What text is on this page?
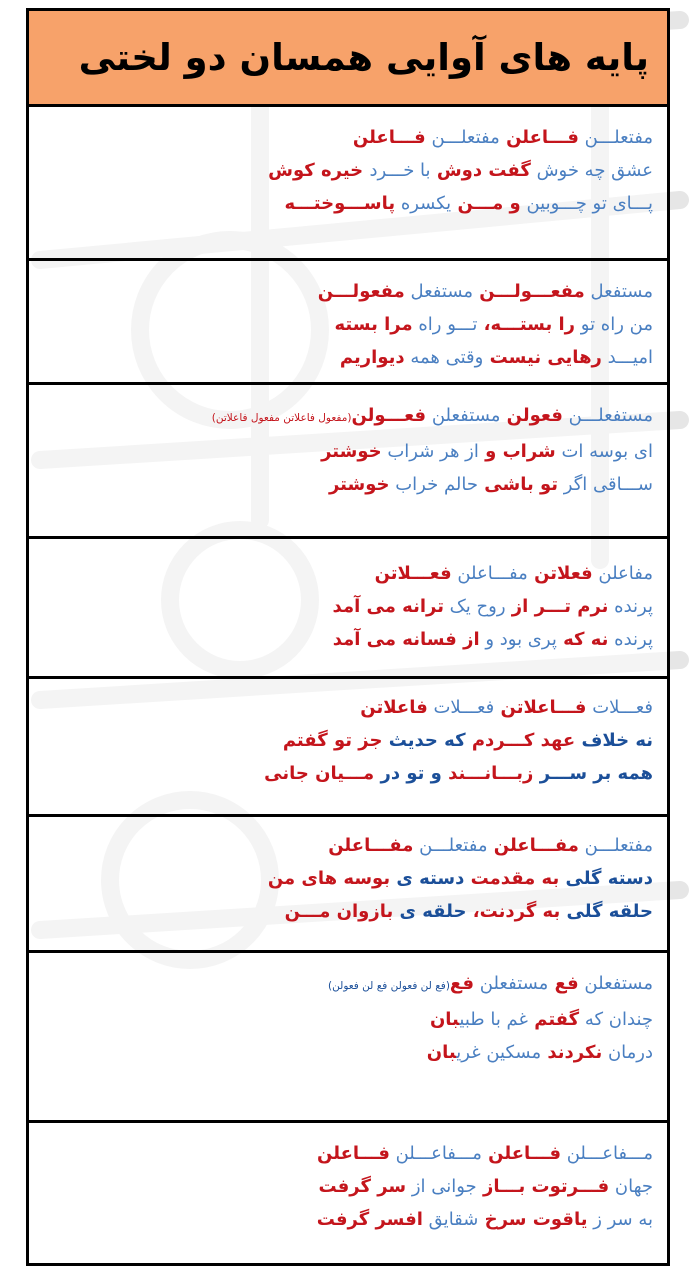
پایه های آوایی همسان دو لختی
مفتعلـــن فـــاعلن مفتعلـــن فـــاعلن
عشق چه خوش گفت دوش با خـــرد خیره کوش
پـــای تو چـــوبین و مـــن یکسره پاســـوختـــه
مستفعل مفعـــولـــن مستفعل مفعولـــن
من راه تو را بستـــه، تـــو راه مرا بسته
امیـــد رهایی نیست وقتی همه دیواریم
مستفعلـــن فعولن مستفعلن فعـــولن(مفعول فاعلاتن مفعول فاعلاتن)
ای بوسه ات شراب و از هر شراب خوشتر
ســـاقی اگر تو باشی حالم خراب خوشتر
مفاعلن فعلاتن مفـــاعلن فعـــلاتن
پرنده نرم تـــر از روح یک ترانه می آمد
پرنده نه که پری بود و از فسانه می آمد
فعـــلات فـــاعلاتن فعـــلات فاعلاتن
نه خلاف عهد کـــردم که حدیث جز تو گفتم
همه بر ســـر زبـــانـــند و تو در مـــیان جانی
مفتعلـــن مفـــاعلن مفتعلـــن مفـــاعلن
دسته گلی به مقدمت دسته ی بوسه های من
حلقه گلی به گردنت، حلقه ی بازوان مـــن
مستفعلن فع مستفعلن فع(فع لن فعولن فع لن فعولن)
چندان که گفتم غم با طبیبان
درمان نکردند مسکین غریبان
مـــفاعـــلن فـــاعلن مـــفاعـــلن فـــاعلن
جهان فـــرتوت بـــاز جوانی از سر گرفت
به سر ز یاقوت سرخ شقایق افسر گرفت
